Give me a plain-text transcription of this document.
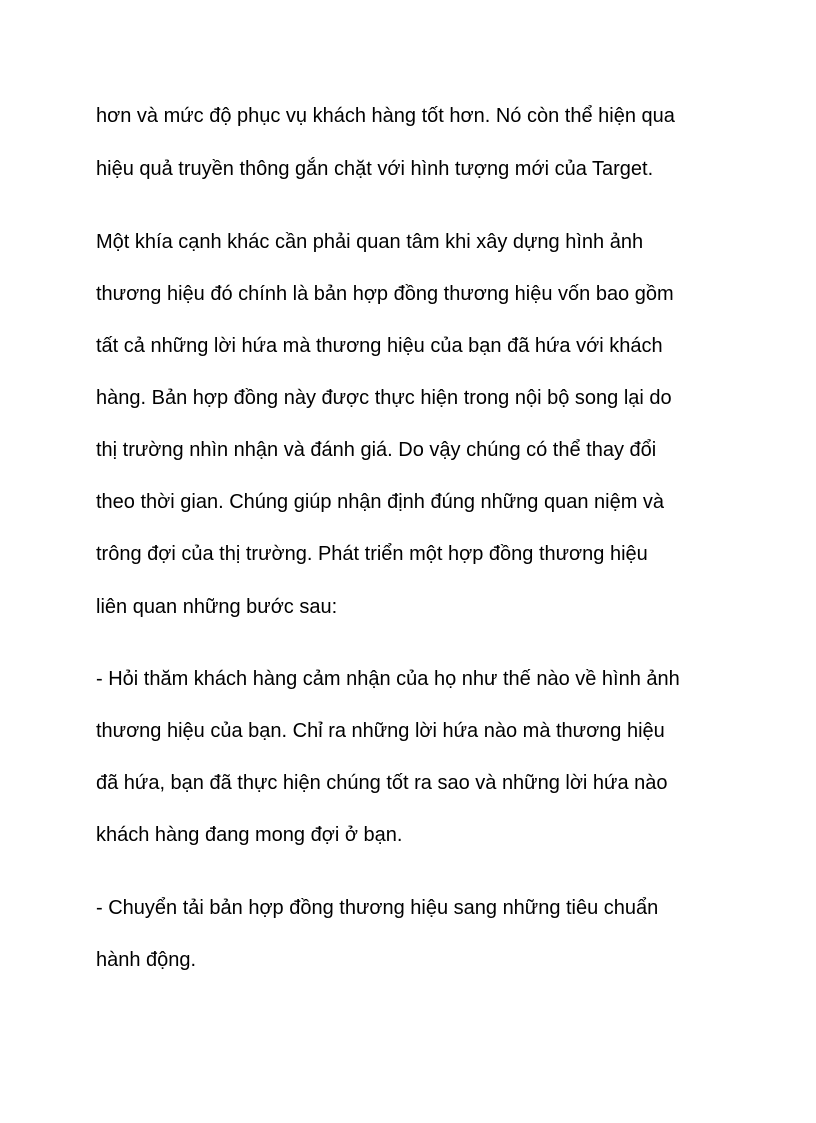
hơn và mức độ phục vụ khách hàng tốt hơn. Nó còn thể hiện qua
hiệu quả truyền thông gắn chặt với hình tượng mới của Target.
Một khía cạnh khác cần phải quan tâm khi xây dựng hình ảnh
thương hiệu đó chính là bản hợp đồng thương hiệu vốn bao gồm
tất cả những lời hứa mà thương hiệu của bạn đã hứa với khách
hàng. Bản hợp đồng này được thực hiện trong nội bộ song lại do
thị trường nhìn nhận và đánh giá. Do vậy chúng có thể thay đổi
theo thời gian. Chúng giúp nhận định đúng những quan niệm và
trông đợi của thị trường. Phát triển một hợp đồng thương hiệu
liên quan những bước sau:
- Hỏi thăm khách hàng cảm nhận của họ như thế nào về hình ảnh
thương hiệu của bạn. Chỉ ra những lời hứa nào mà thương hiệu
đã hứa, bạn đã thực hiện chúng tốt ra sao và những lời hứa nào
khách hàng đang mong đợi ở bạn.
- Chuyển tải bản hợp đồng thương hiệu sang những tiêu chuẩn
hành động.
